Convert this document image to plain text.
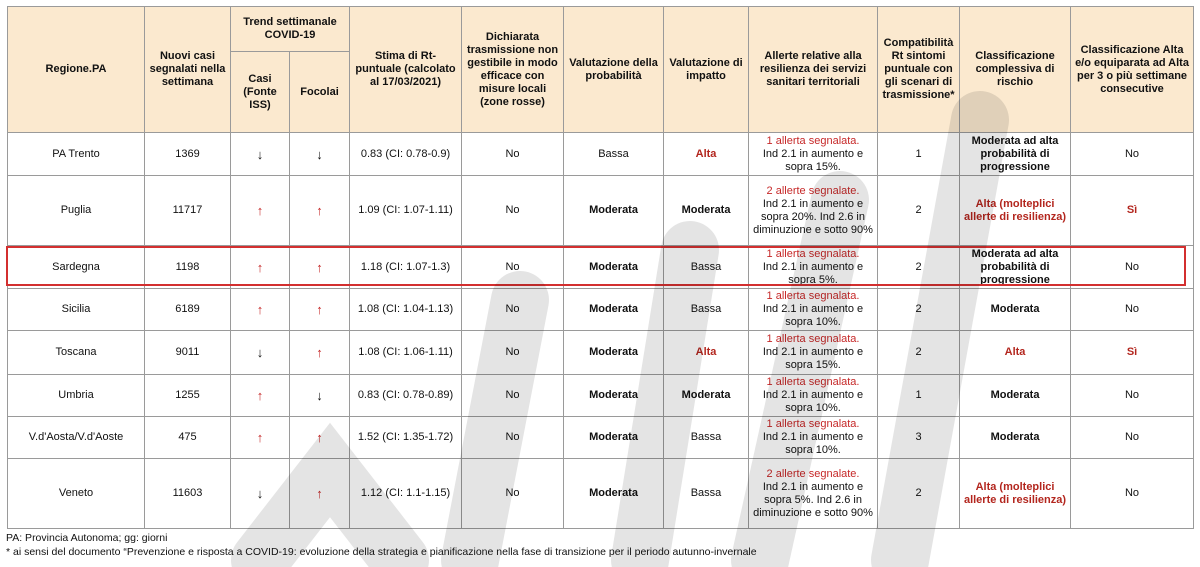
Regione.PA	Nuovi casi segnalati nella settimana	Trend settimanale COVID-19		Stima di Rt-puntuale (calcolato al 17/03/2021)	Dichiarata trasmissione non gestibile in modo efficace con misure locali (zone rosse)	Valutazione della probabilità	Valutazione di impatto	Allerte relative alla resilienza dei servizi sanitari territoriali	Compatibilità Rt sintomi puntuale con gli scenari di trasmissione*	Classificazione complessiva di rischio	Classificazione Alta e/o equiparata ad Alta per 3 o più settimane consecutive
		Casi (Fonte ISS)	Focolai								
PA Trento	1369	↓	↓	0.83 (CI: 0.78-0.9)	No	Bassa	Alta	1 allerta segnalata.
Ind 2.1 in aumento e sopra 15%.	1	Moderata ad alta probabilità di progressione	No
Puglia	11717	↑	↑	1.09 (CI: 1.07-1.11)	No	Moderata	Moderata	2 allerte segnalate.
Ind 2.1 in aumento e sopra 20%. Ind 2.6 in diminuzione e sotto 90%	2	Alta (molteplici allerte di resilienza)	Sì
Sardegna	1198	↑	↑	1.18 (CI: 1.07-1.3)	No	Moderata	Bassa	1 allerta segnalata.
Ind 2.1 in aumento e sopra 5%.	2	Moderata ad alta probabilità di progressione	No
Sicilia	6189	↑	↑	1.08 (CI: 1.04-1.13)	No	Moderata	Bassa	1 allerta segnalata.
Ind 2.1 in aumento e sopra 10%.	2	Moderata	No
Toscana	9011	↓	↑	1.08 (CI: 1.06-1.11)	No	Moderata	Alta	1 allerta segnalata.
Ind 2.1 in aumento e sopra 15%.	2	Alta	Sì
Umbria	1255	↑	↓	0.83 (CI: 0.78-0.89)	No	Moderata	Moderata	1 allerta segnalata.
Ind 2.1 in aumento e sopra 10%.	1	Moderata	No
V.d'Aosta/V.d'Aoste	475	↑	↑	1.52 (CI: 1.35-1.72)	No	Moderata	Bassa	1 allerta segnalata.
Ind 2.1 in aumento e sopra 10%.	3	Moderata	No
Veneto	11603	↓	↑	1.12 (CI: 1.1-1.15)	No	Moderata	Bassa	2 allerte segnalate.
Ind 2.1 in aumento e sopra 5%. Ind 2.6 in diminuzione e sotto 90%	2	Alta (molteplici allerte di resilienza)	No
PA: Provincia Autonoma; gg: giorni
* ai sensi del documento “Prevenzione e risposta a COVID-19: evoluzione della strategia e pianificazione nella fase di transizione per il periodo autunno-invernale
